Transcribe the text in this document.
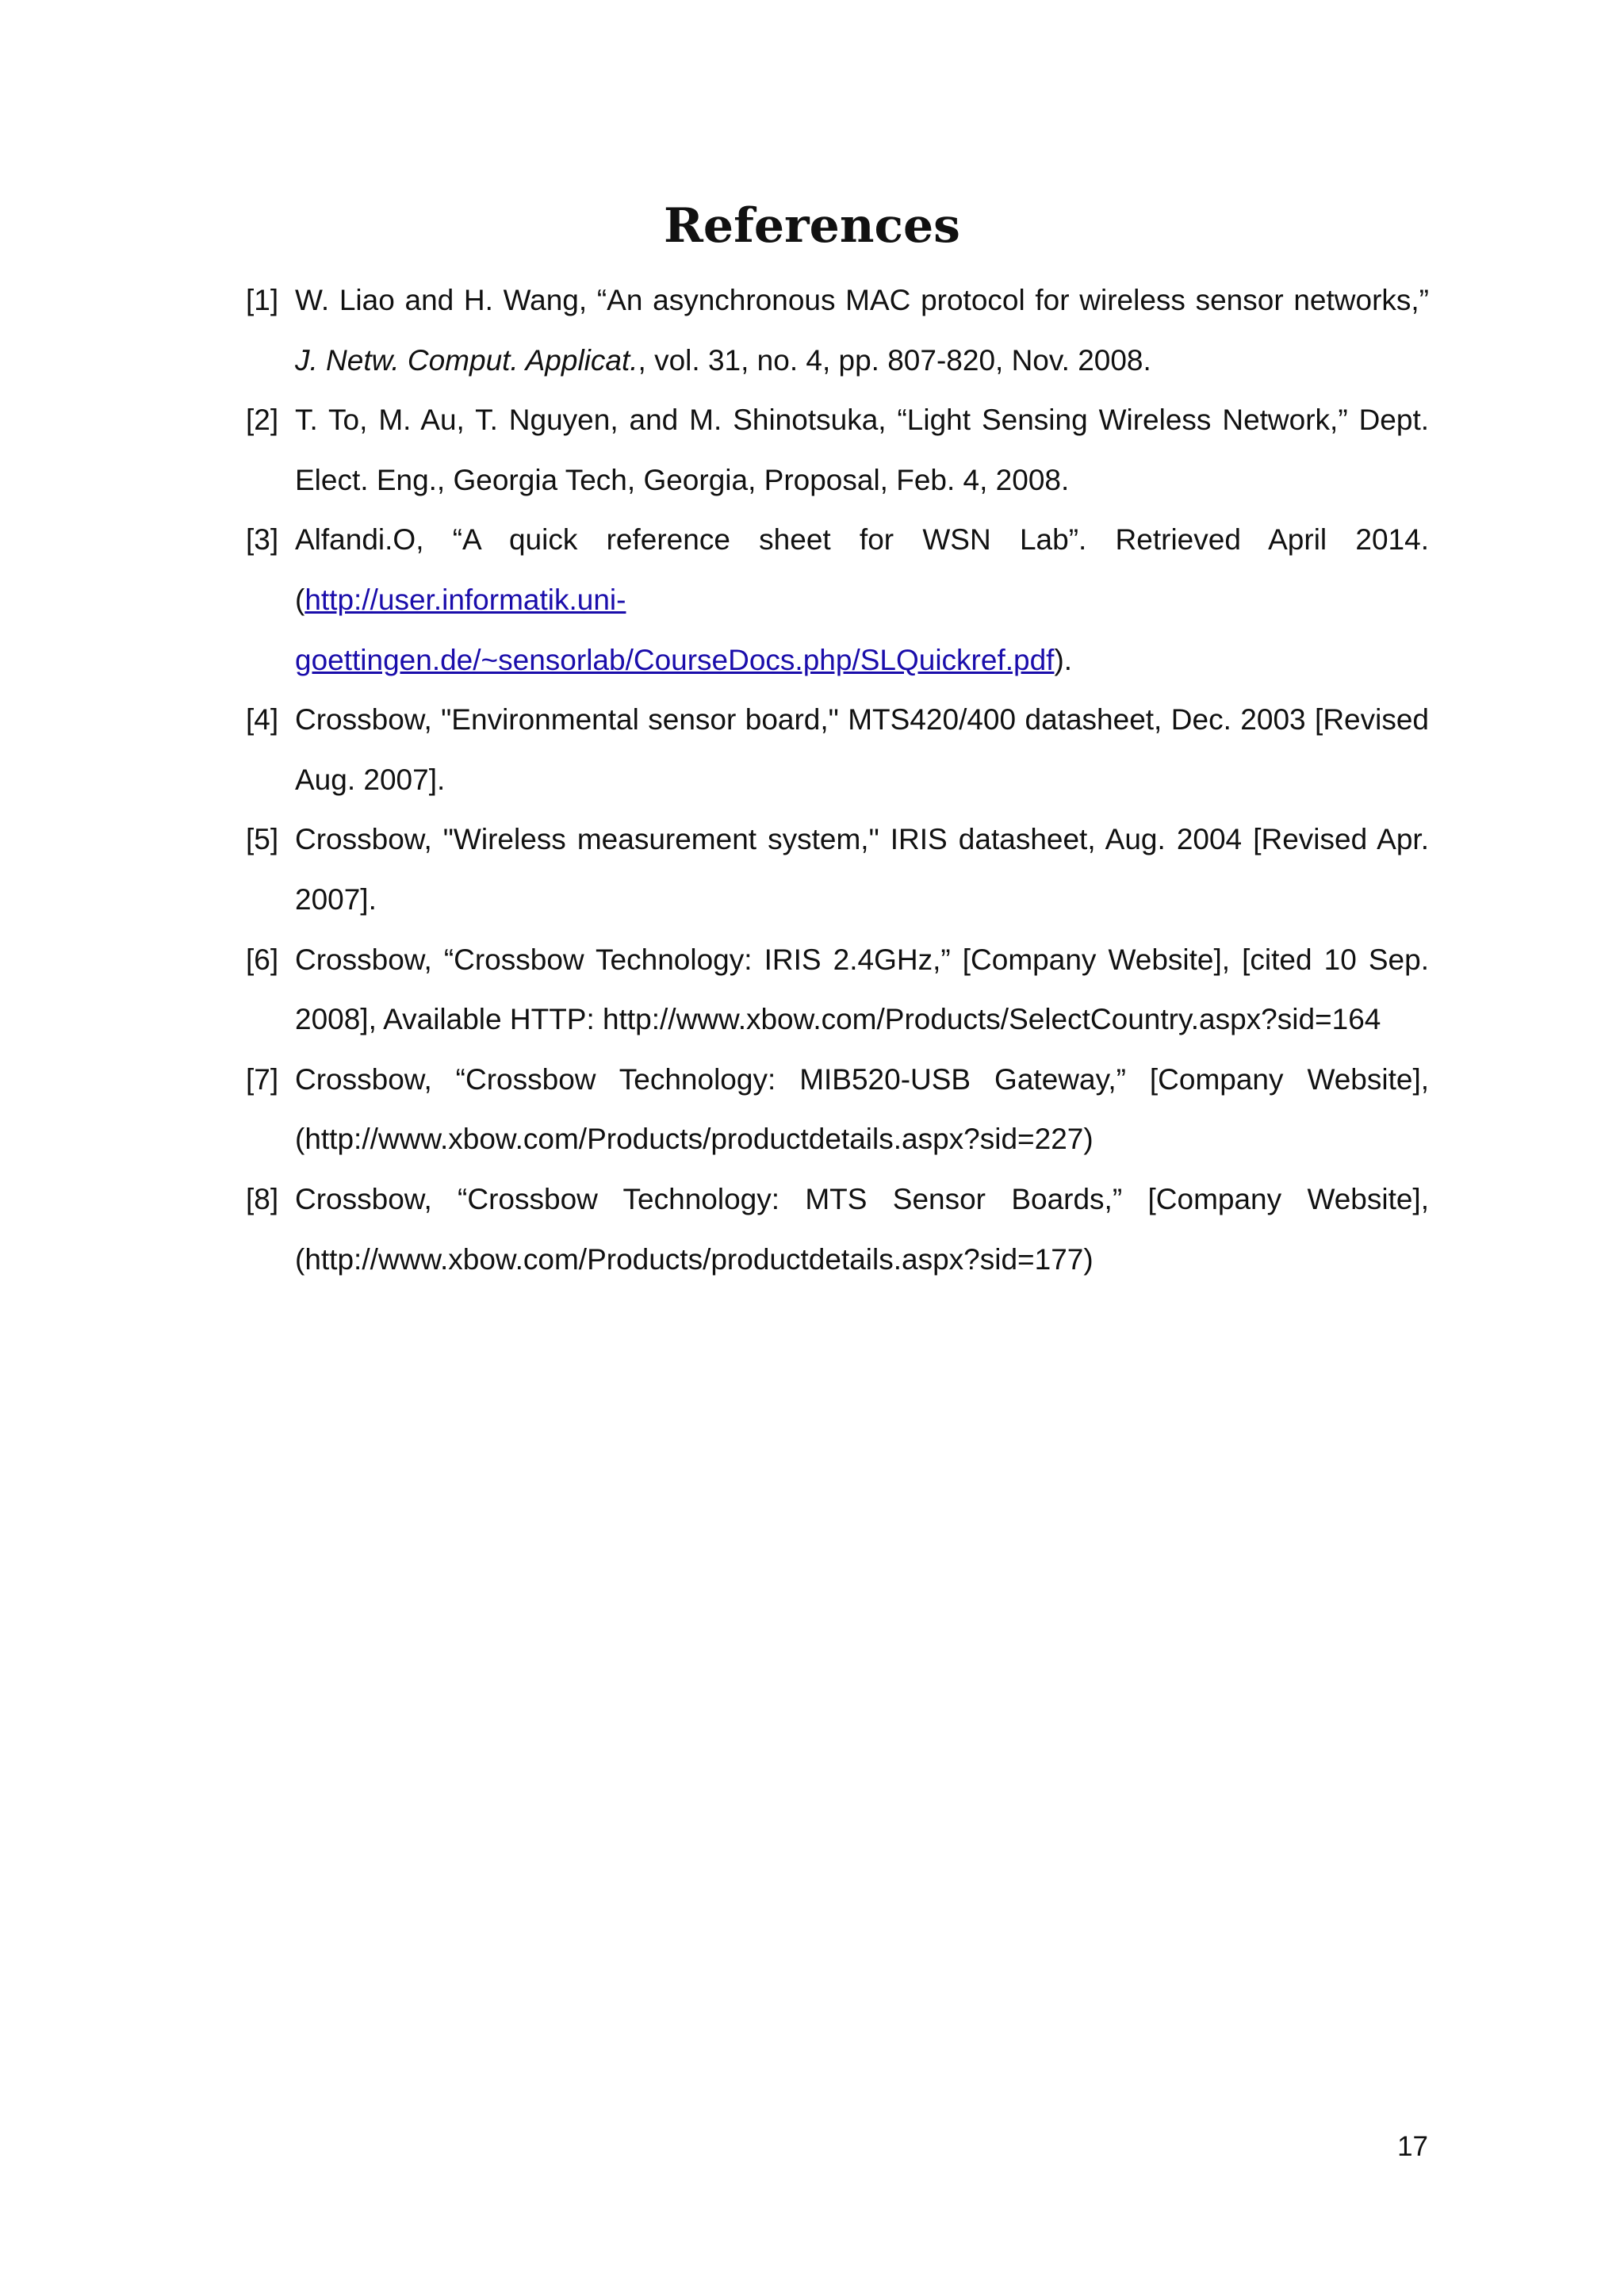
References
[1] W. Liao and H. Wang, “An asynchronous MAC protocol for wireless sensor networks,” J. Netw. Comput. Applicat., vol. 31, no. 4, pp. 807-820, Nov. 2008.
[2] T. To, M. Au, T. Nguyen, and M. Shinotsuka, “Light Sensing Wireless Network,” Dept. Elect. Eng., Georgia Tech, Georgia, Proposal, Feb. 4, 2008.
[3] Alfandi.O, “A quick reference sheet for WSN Lab”. Retrieved April 2014.
(http://user.informatik.uni-
goettingen.de/~sensorlab/CourseDocs.php/SLQuickref.pdf).
[4] Crossbow, "Environmental sensor board," MTS420/400 datasheet, Dec. 2003 [Revised Aug. 2007].
[5] Crossbow, "Wireless measurement system," IRIS datasheet, Aug. 2004 [Revised Apr. 2007].
[6] Crossbow, “Crossbow Technology: IRIS 2.4GHz,” [Company Website], [cited 10 Sep. 2008], Available HTTP: http://www.xbow.com/Products/SelectCountry.aspx?sid=164
[7] Crossbow, “Crossbow Technology: MIB520-USB Gateway,” [Company Website], (http://www.xbow.com/Products/productdetails.aspx?sid=227)
[8] Crossbow, “Crossbow Technology: MTS Sensor Boards,” [Company Website], (http://www.xbow.com/Products/productdetails.aspx?sid=177)
17
